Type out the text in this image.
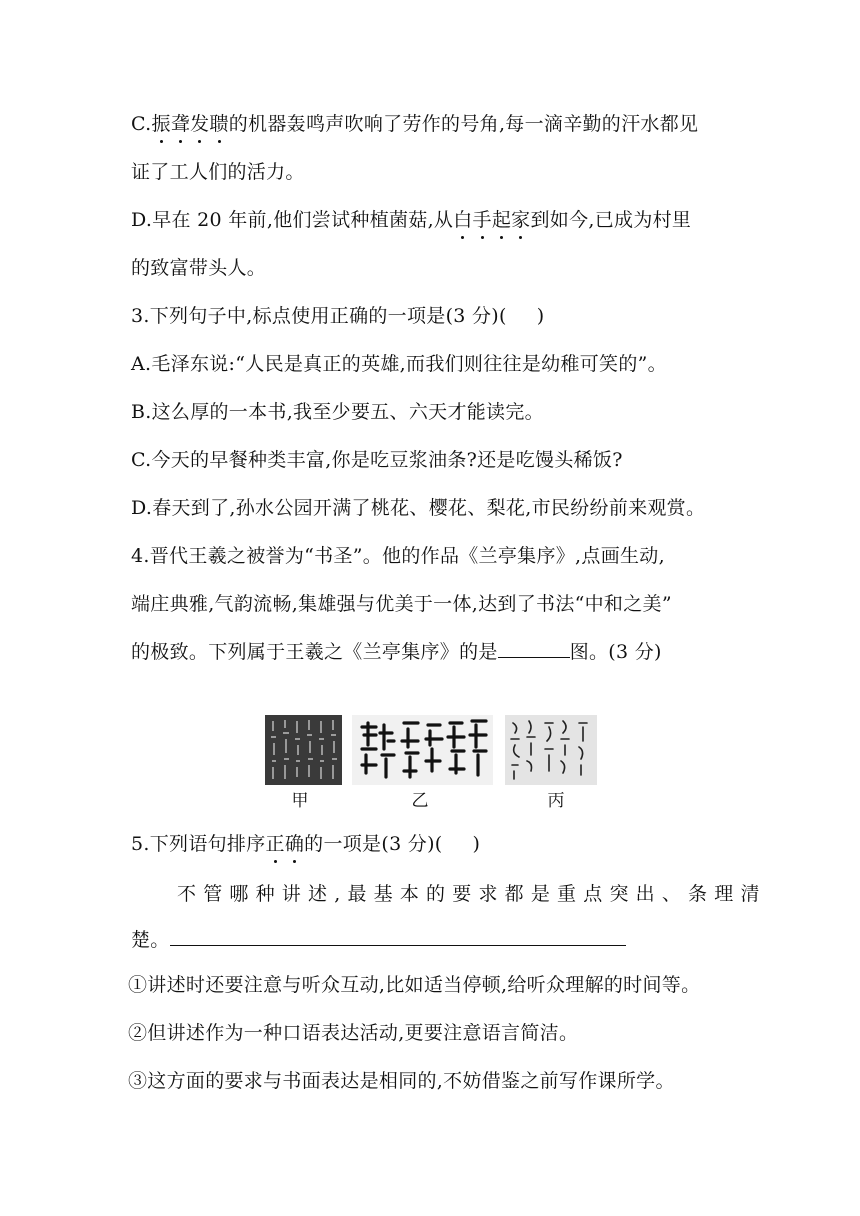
C.振聋发聩的机器轰鸣声吹响了劳作的号角,每一滴辛勤的汗水都见
证了工人们的活力。
D.早在 20 年前,他们尝试种植菌菇,从白手起家到如今,已成为村里
的致富带头人。
3.下列句子中,标点使用正确的一项是(3 分)( )
A.毛泽东说:“人民是真正的英雄,而我们则往往是幼稚可笑的”。
B.这么厚的一本书,我至少要五、六天才能读完。
C.今天的早餐种类丰富,你是吃豆浆油条?还是吃馒头稀饭?
D.春天到了,孙水公园开满了桃花、樱花、梨花,市民纷纷前来观赏。
4.晋代王羲之被誉为“书圣”。他的作品《兰亭集序》,点画生动,
端庄典雅,气韵流畅,集雄强与优美于一体,达到了书法“中和之美”
的极致。下列属于王羲之《兰亭集序》的是	图。(3 分)
甲	乙	丙
5.下列语句排序正确的一项是(3 分)( )
不管哪种讲述,最基本的要求都是重点突出、条理清
楚。
①讲述时还要注意与听众互动,比如适当停顿,给听众理解的时间等。
②但讲述作为一种口语表达活动,更要注意语言简洁。
③这方面的要求与书面表达是相同的,不妨借鉴之前写作课所学。
